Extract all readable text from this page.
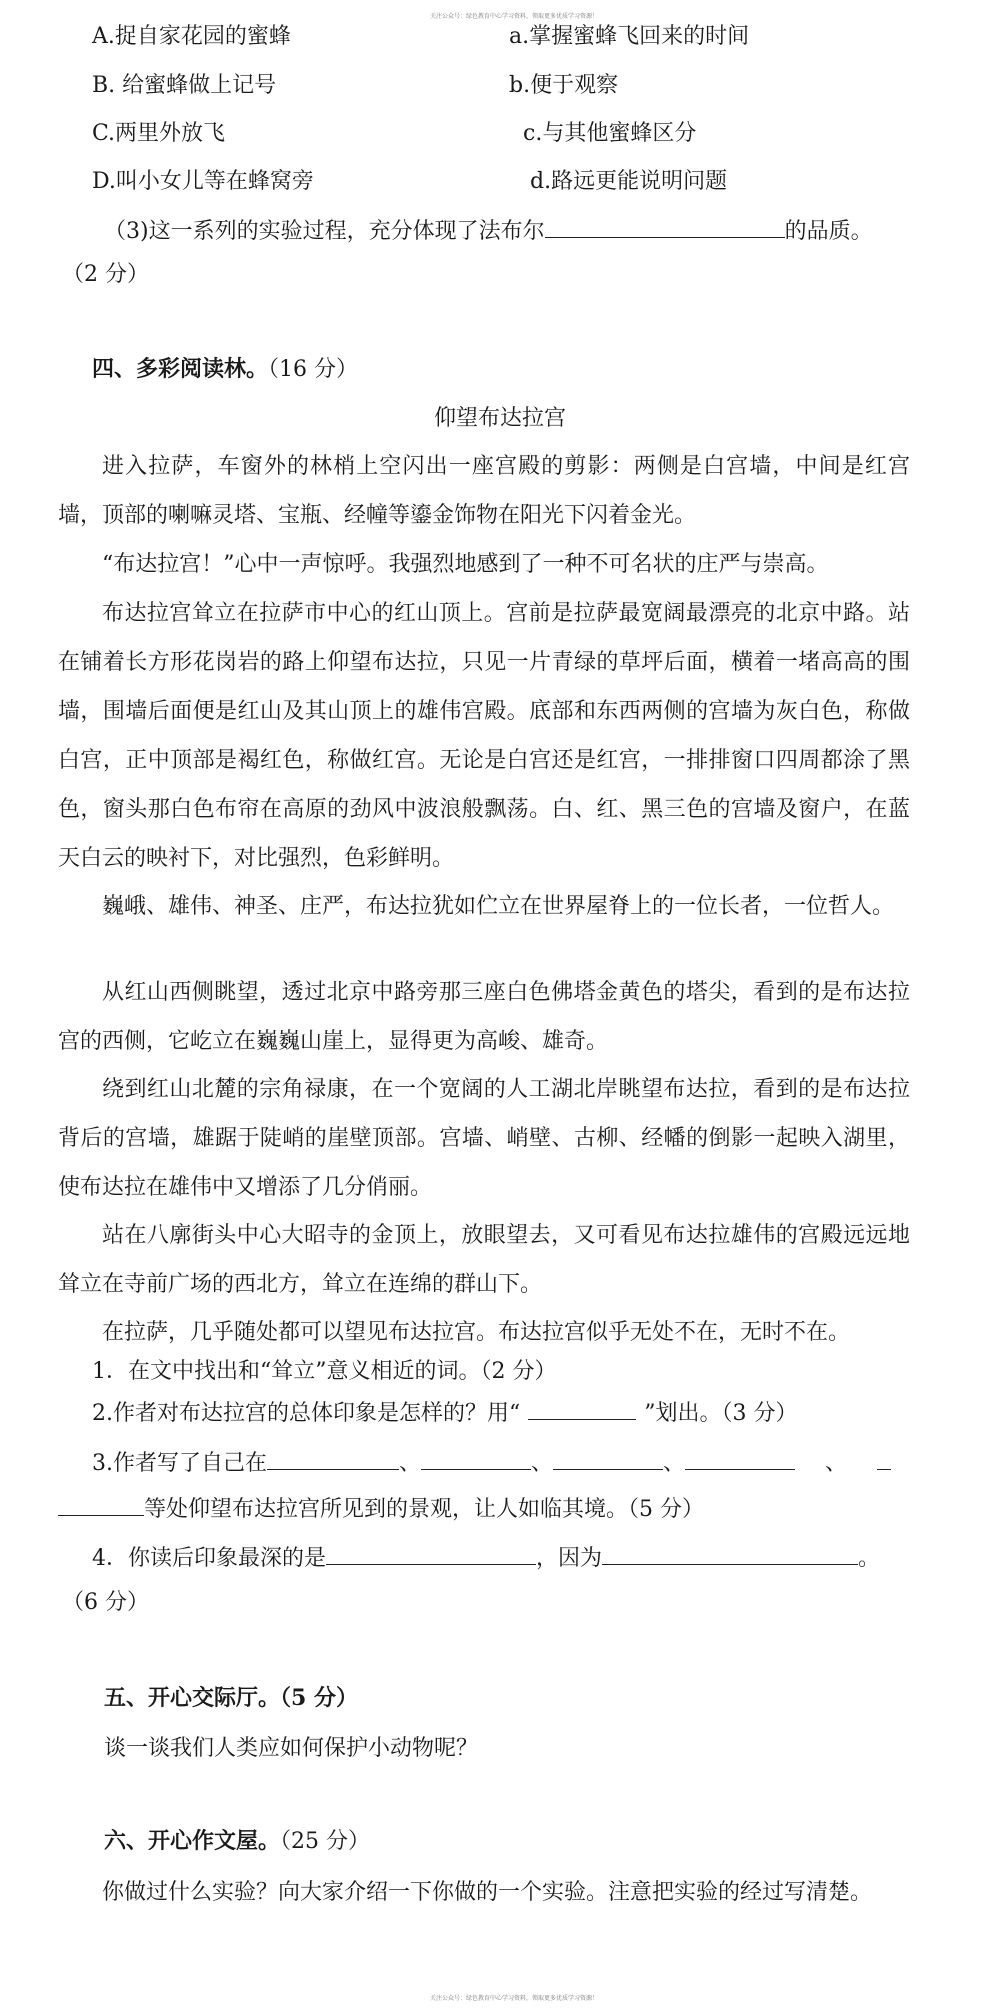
关注公众号：绿色教育中心学习资料，领取更多优质学习资源！
关注公众号：绿色教育中心学习资料，领取更多优质学习资源！
A.捉自家花园的蜜蜂	a.掌握蜜蜂飞回来的时间
B. 给蜜蜂做上记号	b.便于观察
C.两里外放飞	c.与其他蜜蜂区分
D.叫小女儿等在蜂窝旁	d.路远更能说明问题
（3)这一系列的实验过程，充分体现了法布尔	的品质。
（2 分）
四、多彩阅读林。（16 分）
仰望布达拉宫
进入拉萨，车窗外的林梢上空闪出一座宫殿的剪影：两侧是白宫墙，中间是红宫墙，顶部的喇嘛灵塔、宝瓶、经幢等鎏金饰物在阳光下闪着金光。
“布达拉宫！”心中一声惊呼。我强烈地感到了一种不可名状的庄严与崇高。
布达拉宫耸立在拉萨市中心的红山顶上。宫前是拉萨最宽阔最漂亮的北京中路。站在铺着长方形花岗岩的路上仰望布达拉，只见一片青绿的草坪后面，横着一堵高高的围墙，围墙后面便是红山及其山顶上的雄伟宫殿。底部和东西两侧的宫墙为灰白色，称做白宫，正中顶部是褐红色，称做红宫。无论是白宫还是红宫，一排排窗口四周都涂了黑色，窗头那白色布帘在高原的劲风中波浪般飘荡。白、红、黑三色的宫墙及窗户，在蓝天白云的映衬下，对比强烈，色彩鲜明。
巍峨、雄伟、神圣、庄严，布达拉犹如伫立在世界屋脊上的一位长者，一位哲人。
从红山西侧眺望，透过北京中路旁那三座白色佛塔金黄色的塔尖，看到的是布达拉宫的西侧，它屹立在巍巍山崖上，显得更为高峻、雄奇。
绕到红山北麓的宗角禄康，在一个宽阔的人工湖北岸眺望布达拉，看到的是布达拉背后的宫墙，雄踞于陡峭的崖壁顶部。宫墙、峭壁、古柳、经幡的倒影一起映入湖里，使布达拉在雄伟中又增添了几分俏丽。
站在八廓街头中心大昭寺的金顶上，放眼望去，又可看见布达拉雄伟的宫殿远远地耸立在寺前广场的西北方，耸立在连绵的群山下。
在拉萨，几乎随处都可以望见布达拉宫。布达拉宫似乎无处不在，无时不在。
1．在文中找出和“耸立”意义相近的词。（2 分）
2.作者对布达拉宫的总体印象是怎样的？用“	”划出。（3 分）
3.作者写了自己在	、	、	、	、
等处仰望布达拉宫所见到的景观，让人如临其境。（5 分）
4．你读后印象最深的是	，因为	。
（6 分）
五、开心交际厅。（5 分）
谈一谈我们人类应如何保护小动物呢？
六、开心作文屋。（25 分）
你做过什么实验？向大家介绍一下你做的一个实验。注意把实验的经过写清楚。
